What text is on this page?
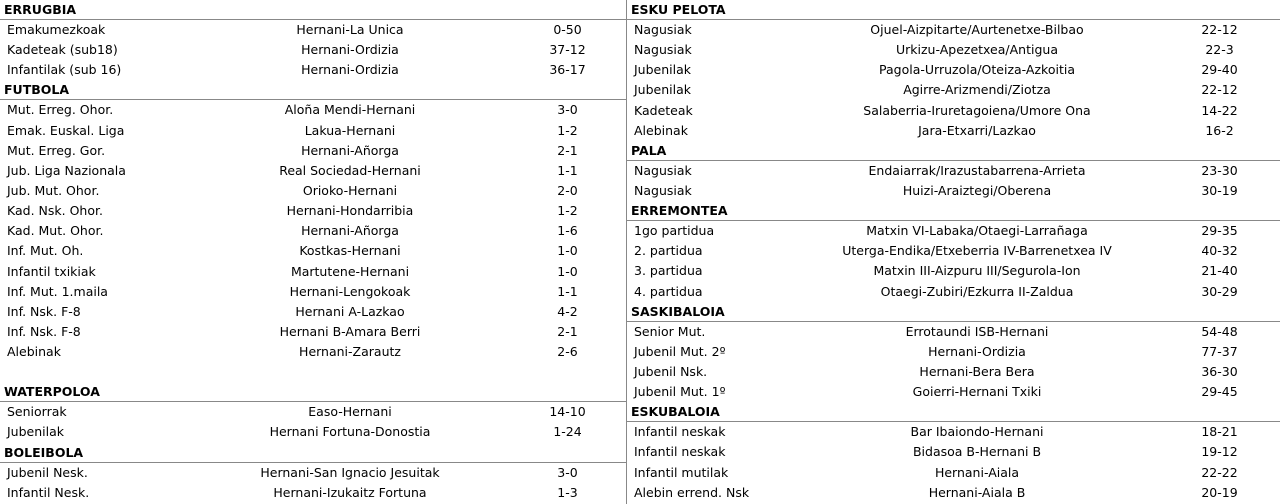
ERRUGBIA
Emakumezkoak	Hernani-La Unica	0-50
Kadeteak (sub18)	Hernani-Ordizia	37-12
Infantilak (sub 16)	Hernani-Ordizia	36-17
FUTBOLA
Mut. Erreg. Ohor.	Aloña Mendi-Hernani	3-0
Emak. Euskal. Liga	Lakua-Hernani	1-2
Mut. Erreg. Gor.	Hernani-Añorga	2-1
Jub. Liga Nazionala	Real Sociedad-Hernani	1-1
Jub. Mut. Ohor.	Orioko-Hernani	2-0
Kad. Nsk. Ohor.	Hernani-Hondarribia	1-2
Kad. Mut. Ohor.	Hernani-Añorga	1-6
Inf. Mut. Oh.	Kostkas-Hernani	1-0
Infantil txikiak	Martutene-Hernani	1-0
Inf. Mut. 1.maila	Hernani-Lengokoak	1-1
Inf. Nsk. F-8	Hernani A-Lazkao	4-2
Inf. Nsk. F-8	Hernani B-Amara Berri	2-1
Alebinak	Hernani-Zarautz	2-6
WATERPOLOA
Seniorrak	Easo-Hernani	14-10
Jubenilak	Hernani Fortuna-Donostia	1-24
BOLEIBOLA
Jubenil Nesk.	Hernani-San Ignacio Jesuitak	3-0
Infantil Nesk.	Hernani-Izukaitz Fortuna	1-3
ESKU PELOTA
Nagusiak	Ojuel-Aizpitarte/Aurtenetxe-Bilbao	22-12
Nagusiak	Urkizu-Apezetxea/Antigua	22-3
Jubenilak	Pagola-Urruzola/Oteiza-Azkoitia	29-40
Jubenilak	Agirre-Arizmendi/Ziotza	22-12
Kadeteak	Salaberria-Iruretagoiena/Umore Ona	14-22
Alebinak	Jara-Etxarri/Lazkao	16-2
PALA
Nagusiak	Endaiarrak/Irazustabarrena-Arrieta	23-30
Nagusiak	Huizi-Araiztegi/Oberena	30-19
ERREMONTEA
1go partidua	Matxin VI-Labaka/Otaegi-Larrañaga	29-35
2. partidua	Uterga-Endika/Etxeberria IV-Barrenetxea IV	40-32
3. partidua	Matxin III-Aizpuru III/Segurola-Ion	21-40
4. partidua	Otaegi-Zubiri/Ezkurra II-Zaldua	30-29
SASKIBALOIA
Senior Mut.	Errotaundi ISB-Hernani	54-48
Jubenil Mut. 2º	Hernani-Ordizia	77-37
Jubenil Nsk.	Hernani-Bera Bera	36-30
Jubenil Mut. 1º	Goierri-Hernani Txiki	29-45
ESKUBALOIA
Infantil neskak	Bar Ibaiondo-Hernani	18-21
Infantil neskak	Bidasoa B-Hernani B	19-12
Infantil mutilak	Hernani-Aiala	22-22
Alebin errend. Nsk	Hernani-Aiala B	20-19
